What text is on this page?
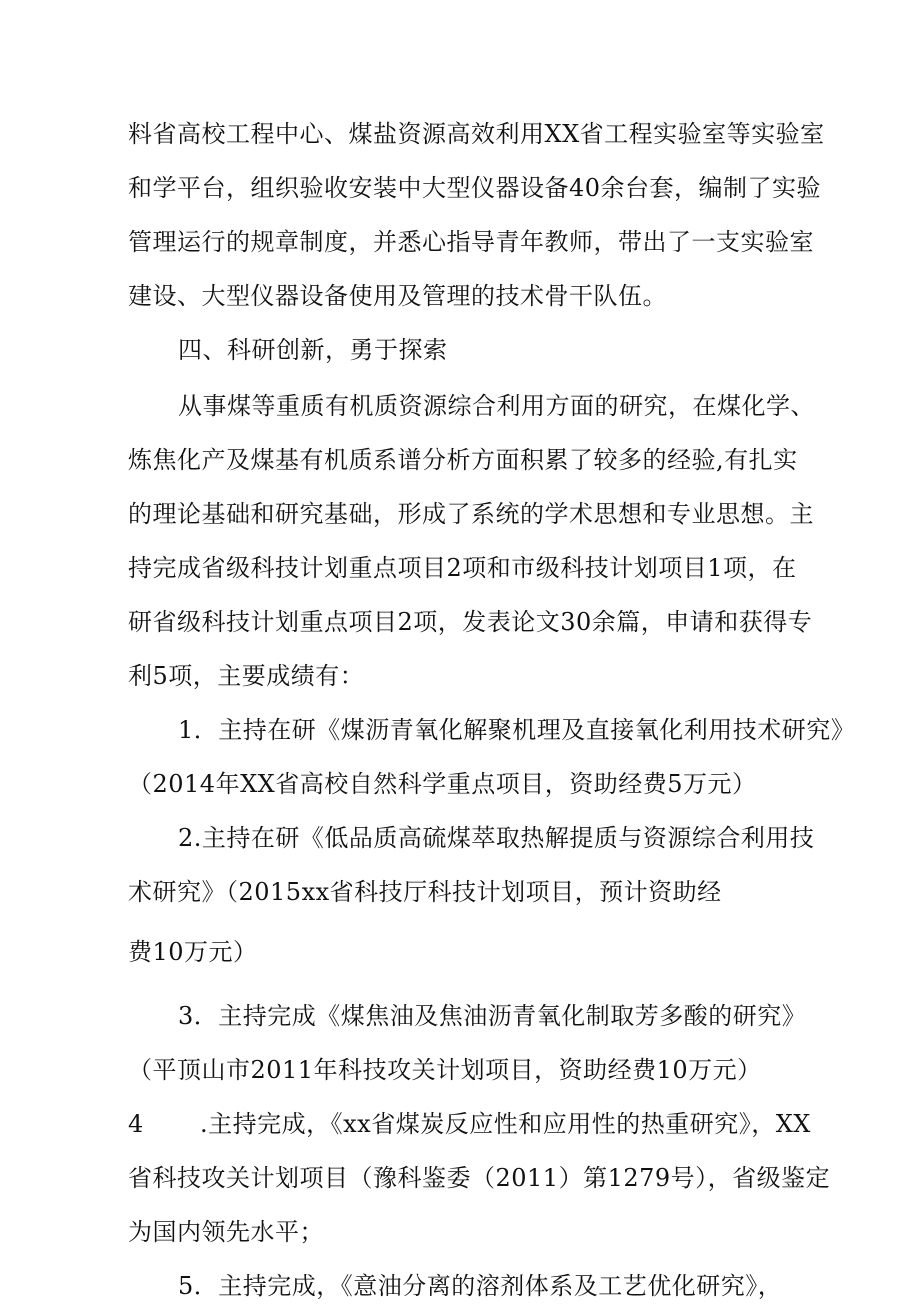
料省高校工程中心、煤盐资源高效利用XX省工程实验室等实验室
和学平台，组织验收安装中大型仪器设备40余台套，编制了实验
管理运行的规章制度，并悉心指导青年教师，带出了一支实验室
建设、大型仪器设备使用及管理的技术骨干队伍。
四、科研创新，勇于探索
从事煤等重质有机质资源综合利用方面的研究，在煤化学、
炼焦化产及煤基有机质系谱分析方面积累了较多的经验,有扎实
的理论基础和研究基础，形成了系统的学术思想和专业思想。主
持完成省级科技计划重点项目2项和市级科技计划项目1项，在
研省级科技计划重点项目2项，发表论文30余篇，申请和获得专
利5项，主要成绩有：
1．主持在研《煤沥青氧化解聚机理及直接氧化利用技术研究》
（2014年XX省高校自然科学重点项目，资助经费5万元）
2.主持在研《低品质高硫煤萃取热解提质与资源综合利用技
术研究》（2015xx省科技厅科技计划项目，预计资助经
费10万元）
3．主持完成《煤焦油及焦油沥青氧化制取芳多酸的研究》
（平顶山市2011年科技攻关计划项目，资助经费10万元）
4 .主持完成，《xx省煤炭反应性和应用性的热重研究》，XX
省科技攻关计划项目（豫科鉴委（2011）第1279号），省级鉴定
为国内领先水平；
5．主持完成，《意油分离的溶剂体系及工艺优化研究》，
